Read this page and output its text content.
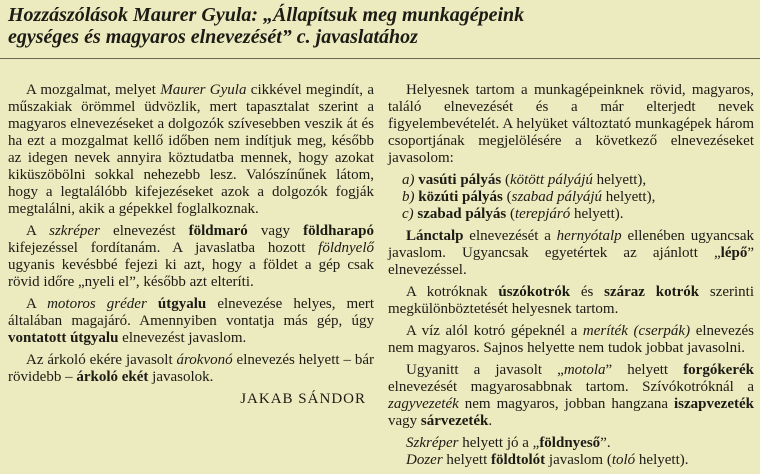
Hozzászólások Maurer Gyula: „Állapítsuk meg munkagépeink
egységes és magyaros elnevezését” c. javaslatához

A mozgalmat, melyet Maurer Gyula cikkével megindít, a műszakiak örömmel üdvözlik, mert tapasztalat szerint a magyaros elnevezéseket a dolgozók szívesebben veszik át és ha ezt a mozgalmat kellő időben nem indítjuk meg, később az idegen nevek annyira köztudatba mennek, hogy azokat kiküszöbölni sokkal nehezebb lesz. Valószínűnek látom, hogy a legtalálóbb kifejezéseket azok a dolgozók fogják megtalálni, akik a gépekkel foglalkoznak.

A szkréper elnevezést földmaró vagy földharapó kifejezéssel fordítanám. A javaslatba hozott földnyelő ugyanis kevésbbé fejezi ki azt, hogy a földet a gép csak rövid időre „nyeli el”, később azt elteríti.

A motoros gréder útgyalu elnevezése helyes, mert általában magajáró. Amennyiben vontatja más gép, úgy vontatott útgyalu elnevezést javaslom.

Az árkoló ekére javasolt árokvonó elnevezés helyett – bár rövidebb – árkoló ekét javasolok.

JAKAB SÁNDOR

Helyesnek tartom a munkagépeinknek rövid, magyaros, találó elnevezését és a már elterjedt nevek figyelembevételét. A helyüket változtató munkagépek három csoportjának megjelölésére a következő elnevezéseket javasolom:

a) vasúti pályás (kötött pályájú helyett),

b) közúti pályás (szabad pályájú helyett),

c) szabad pályás (terepjáró helyett).

Lánctalp elnevezését a hernyótalp ellenében ugyancsak javaslom. Ugyancsak egyetértek az ajánlott „lépő” elnevezéssel.

A kotróknak úszókotrók és száraz kotrók szerinti megkülönböztetését helyesnek tartom.

A víz alól kotró gépeknél a meríték (cserpák) elnevezés nem magyaros. Sajnos helyette nem tudok jobbat javasolni.

Ugyanitt a javasolt „motola” helyett forgókerék elnevezését magyarosabbnak tartom. Szívókotróknál a zagyvezeték nem magyaros, jobban hangzana iszapvezeték vagy sárvezeték.

Szkréper helyett jó a „földnyeső”.

Dozer helyett földtolót javaslom (toló helyett).
